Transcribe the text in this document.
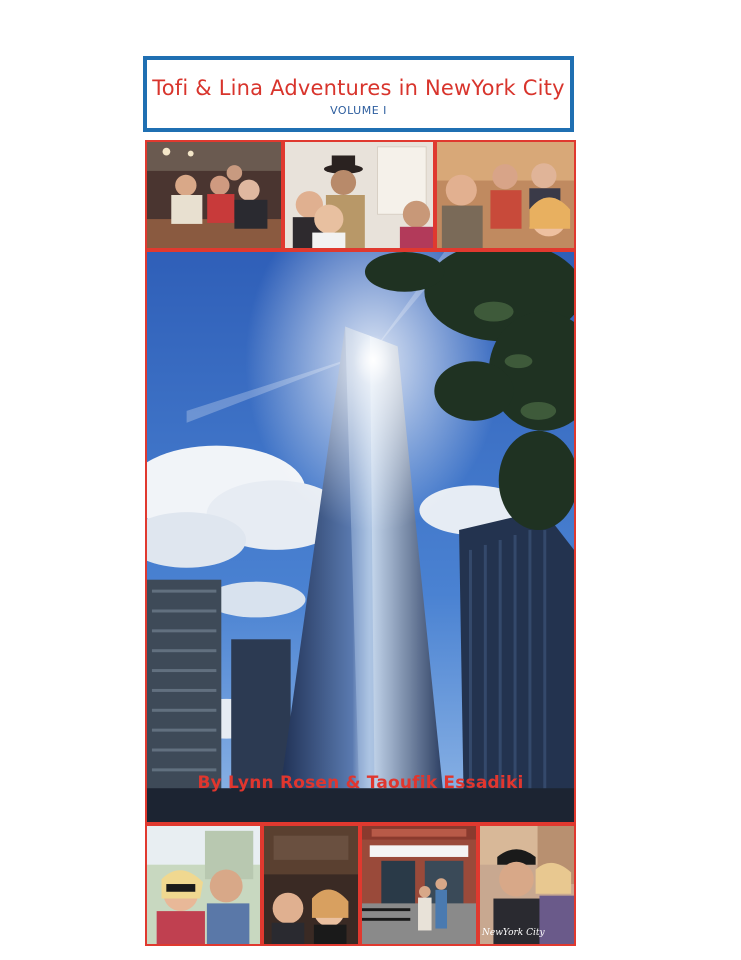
Tofi & Lina Adventures in NewYork City
VOLUME I
By Lynn Rosen & Taoufik Essadiki
NewYork City
